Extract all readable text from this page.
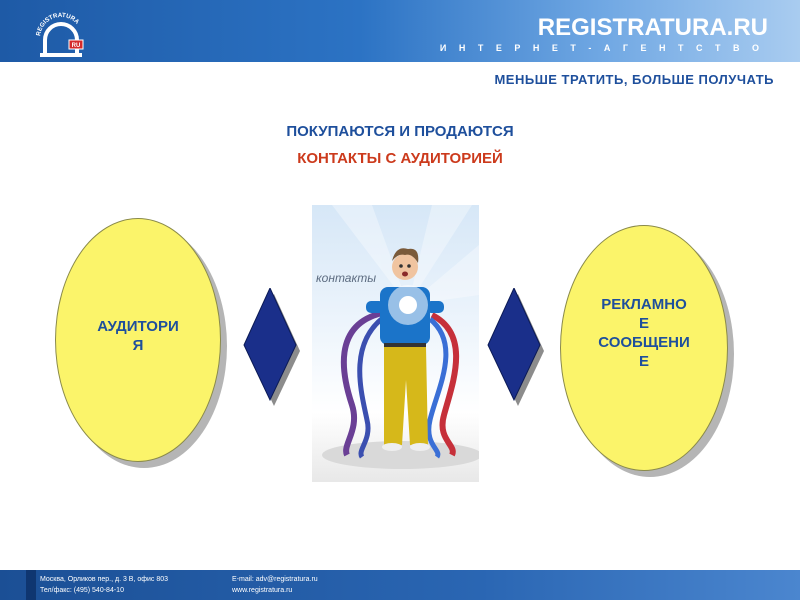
REGISTRATURA
RU
REGISTRATURA.RU
И Н Т Е Р Н Е Т - А Г Е Н Т С Т В О
МЕНЬШЕ ТРАТИТЬ, БОЛЬШЕ ПОЛУЧАТЬ
ПОКУПАЮТСЯ И ПРОДАЮТСЯ
КОНТАКТЫ С АУДИТОРИЕЙ
АУДИТОРИ
Я
контакты
РЕКЛАМНО
Е
СООБЩЕНИ
Е
Москва, Орликов пер., д. 3 В, офис 803
Тел/факс: (495) 540-84-10
E-mail: adv@registratura.ru
www.registratura.ru
